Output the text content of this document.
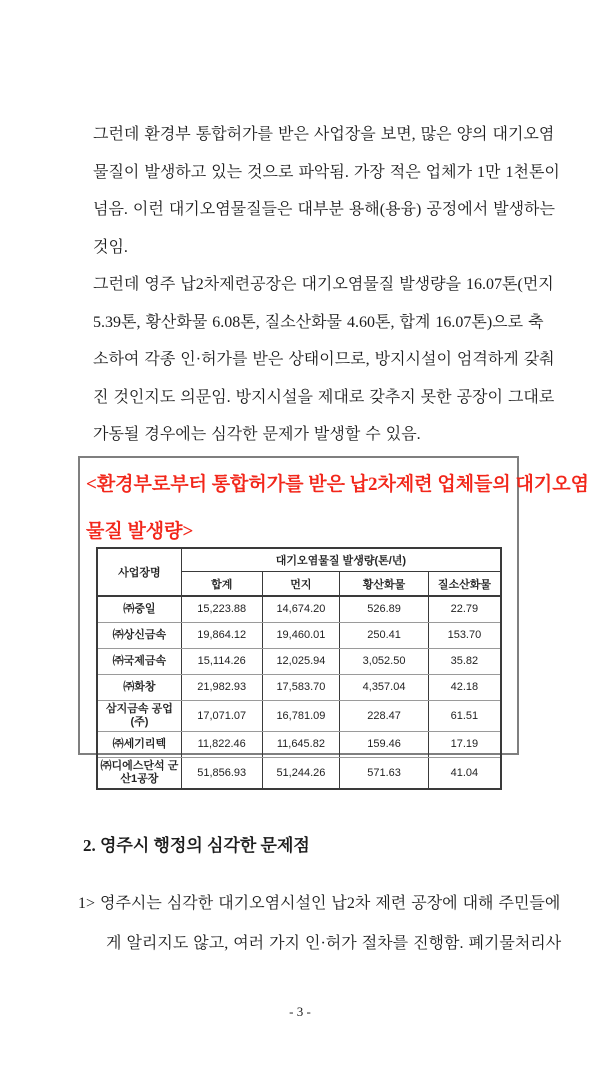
그런데 환경부 통합허가를 받은 사업장을 보면, 많은 양의 대기오염
물질이 발생하고 있는 것으로 파악됨. 가장 적은 업체가 1만 1천톤이
넘음. 이런 대기오염물질들은 대부분 용해(용융) 공정에서 발생하는
것임.
그런데 영주 납2차제련공장은 대기오염물질 발생량을 16.07톤(먼지
5.39톤, 황산화물 6.08톤, 질소산화물 4.60톤, 합계 16.07톤)으로 축
소하여 각종 인·허가를 받은 상태이므로, 방지시설이 엄격하게 갖춰
진 것인지도 의문임. 방지시설을 제대로 갖추지 못한 공장이 그대로
가동될 경우에는 심각한 문제가 발생할 수 있음.
<환경부로부터 통합허가를 받은 납2차제련 업체들의 대기오염
물질 발생량>
사업장명	대기오염물질 발생량(톤/년)			
	합계	먼지	황산화물	질소산화물
㈜중일	15,223.88	14,674.20	526.89	22.79
㈜상신금속	19,864.12	19,460.01	250.41	153.70
㈜국제금속	15,114.26	12,025.94	3,052.50	35.82
㈜화창	21,982.93	17,583.70	4,357.04	42.18
삼지금속 공업(주)	17,071.07	16,781.09	228.47	61.51
㈜세기리텍	11,822.46	11,645.82	159.46	17.19
㈜디에스단석 군산1공장	51,856.93	51,244.26	571.63	41.04
2. 영주시 행정의 심각한 문제점
1> 영주시는 심각한 대기오염시설인 납2차 제련 공장에 대해 주민들에
게 알리지도 않고, 여러 가지 인·허가 절차를 진행함. 폐기물처리사
- 3 -
